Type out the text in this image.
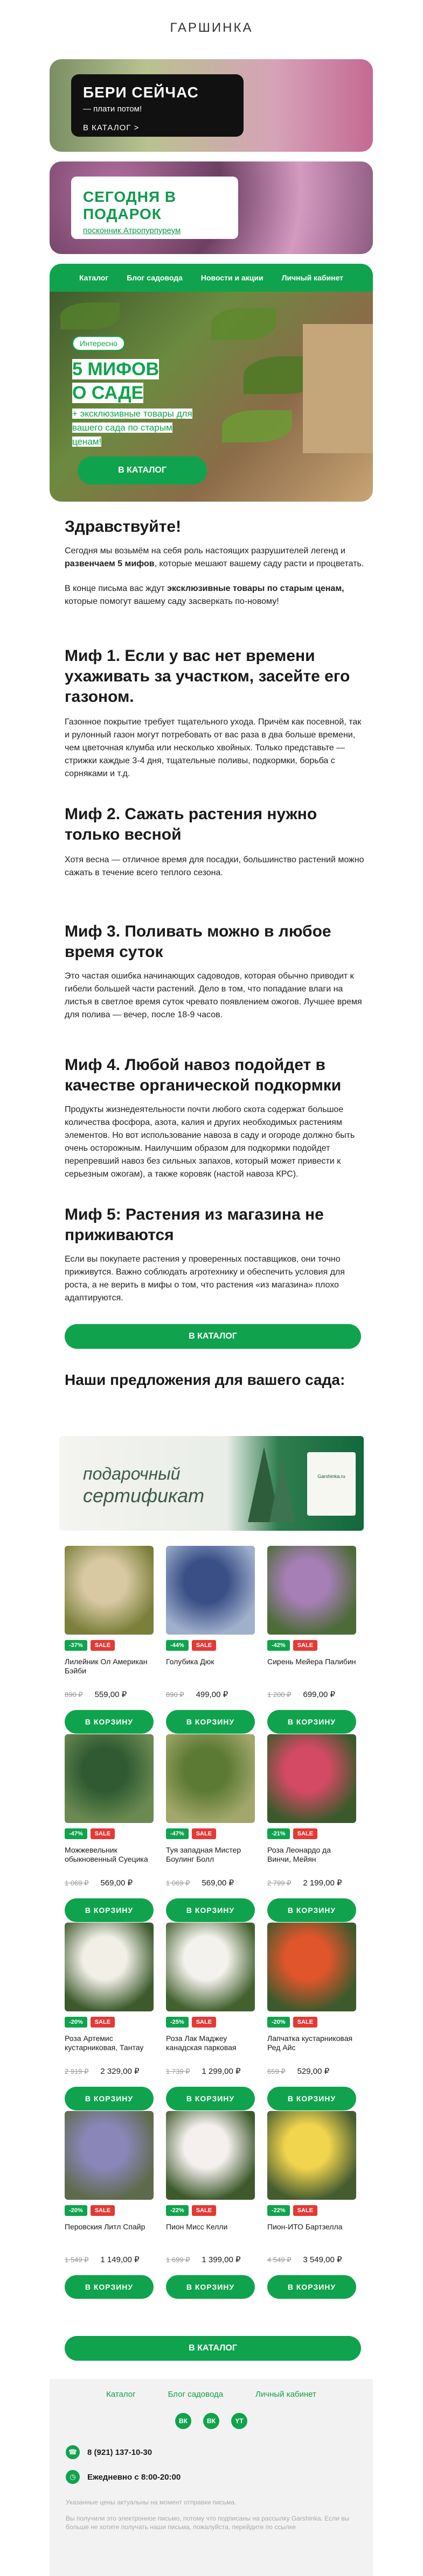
ГАРШИНКА
БЕРИ СЕЙЧАС
— плати потом!
В КАТАЛОГ >
СЕГОДНЯ В ПОДАРОК
посконник Атропурпуреум
Каталог Блог садовода Новости и акции Личный кабинет
Интересно
5 МИФОВ
О САДЕ
+ эксклюзивные товары для вашего сада по старым ценам!
В КАТАЛОГ
Здравствуйте!
Сегодня мы возьмём на себя роль настоящих разрушителей легенд и развенчаем 5 мифов, которые мешают вашему саду расти и процветать.
В конце письма вас ждут эксклюзивные товары по старым ценам, которые помогут вашему саду засверкать по-новому!
Миф 1. Если у вас нет времени ухаживать за участком, засейте его газоном.
Газонное покрытие требует тщательного ухода. Причём как посевной, так и рулонный газон могут потребовать от вас раза в два больше времени, чем цветочная клумба или несколько хвойных. Только представьте — стрижки каждые 3-4 дня, тщательные поливы, подкормки, борьба с сорняками и т.д.
Миф 2. Сажать растения нужно только весной
Хотя весна — отличное время для посадки, большинство растений можно сажать в течение всего теплого сезона.
Миф 3. Поливать можно в любое время суток
Это частая ошибка начинающих садоводов, которая обычно приводит к гибели большей части растений. Дело в том, что попадание влаги на листья в светлое время суток чревато появлением ожогов. Лучшее время для полива — вечер, после 18-9 часов.
Миф 4. Любой навоз подойдет в качестве органической подкормки
Продукты жизнедеятельности почти любого скота содержат большое количества фосфора, азота, калия и других необходимых растениям элементов. Но вот использование навоза в саду и огороде должно быть очень осторожным. Наилучшим образом для подкормки подойдет перепревший навоз без сильных запахов, который может привести к серьезным ожогам), а также коровяк (настой навоза КРС).
Миф 5: Растения из магазина не приживаются
Если вы покупаете растения у проверенных поставщиков, они точно приживутся. Важно соблюдать агротехнику и обеспечить условия для роста, а не верить в мифы о том, что растения «из магазина» плохо адаптируются.
В КАТАЛОГ
Наши предложения для вашего сада:
подарочный
сертификат
Garshinka.ru
-37%	SALE
Лилейник Ол Американ Бэйби
890 ₽ 559,00 ₽
В КОРЗИНУ
-44%	SALE
Голубика Дюк
890 ₽ 499,00 ₽
В КОРЗИНУ
-42%	SALE
Сирень Мейера Палибин
1 200 ₽ 699,00 ₽
В КОРЗИНУ
-47%	SALE
Можжевельник обыкновенный Суецика
1 069 ₽ 569,00 ₽
В КОРЗИНУ
-47%	SALE
Туя западная Мистер Боулинг Болл
1 069 ₽ 569,00 ₽
В КОРЗИНУ
-21%	SALE
Роза Леонардо да Винчи, Мейян
2 799 ₽ 2 199,00 ₽
В КОРЗИНУ
-20%	SALE
Роза Артемис кустарниковая, Тантау
2 919 ₽ 2 329,00 ₽
В КОРЗИНУ
-25%	SALE
Роза Лак Маджеу канадская парковая
1 739 ₽ 1 299,00 ₽
В КОРЗИНУ
-20%	SALE
Лапчатка кустарниковая Ред Айс
659 ₽ 529,00 ₽
В КОРЗИНУ
-20%	SALE
Перовския Литл Спайр
1 549 ₽ 1 149,00 ₽
В КОРЗИНУ
-22%	SALE
Пион Мисс Келли
1 699 ₽ 1 399,00 ₽
В КОРЗИНУ
-22%	SALE
Пион-ИТО Бартзелла
4 549 ₽ 3 549,00 ₽
В КОРЗИНУ
В КАТАЛОГ
Каталог	Блог садовода	Личный кабинет
ВК	ВК	YT
☎	8 (921) 137-10-30
◷	Ежедневно с 8:00-20:00
Указанные цены актуальны на момент отправки письма.
Вы получили это электронное письмо, потому что подписаны на рассылку Garshinka. Если вы больше не хотите получать наши письма, пожалуйста, перейдите по ссылке
